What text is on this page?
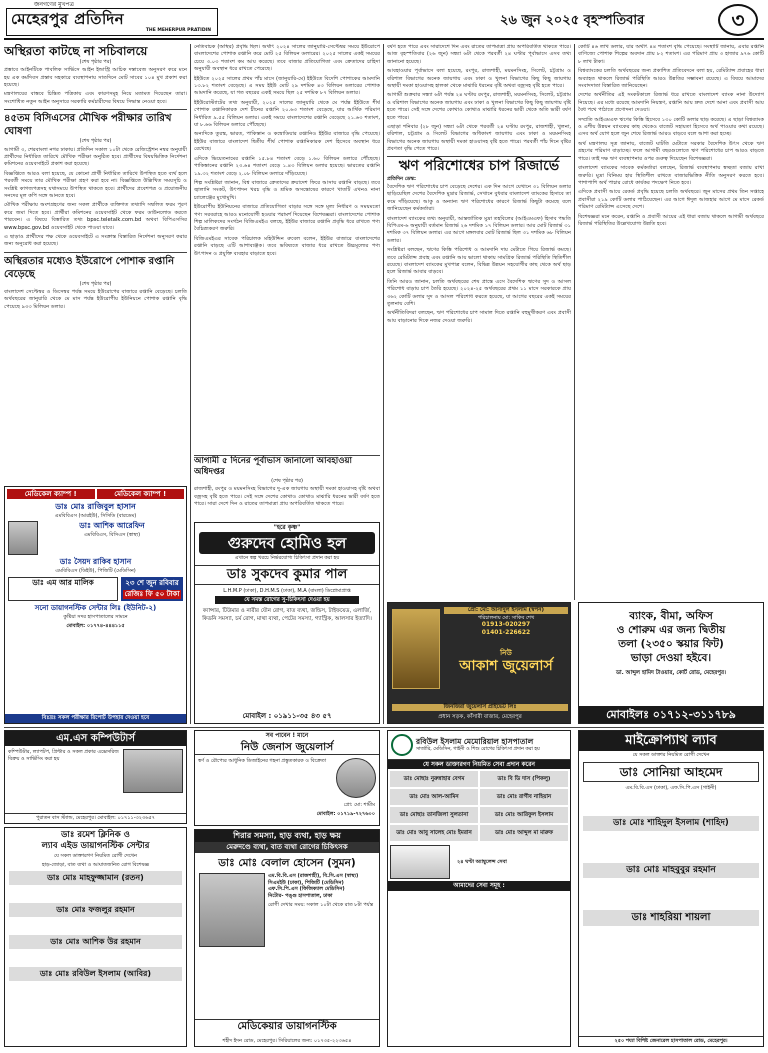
জনগণের মুখপত্র
মেহেরপুর প্রতিদিন
THE MEHERPUR PRATIDIN
২৬ জুন ২০২৫ বৃহস্পতিবার	৩
অস্থিরতা কাটছে না সচিবালয়ে
(শেষ পৃষ্ঠার পর)

প্রস্তাবে আইনটিকে পাবলিক সার্ভিসে আইন ইন্ডাস্ট্রি আচিক দস্তাবেজ অনুসরণ করে মনে হয় এক কর্মদিবস প্রস্তাব সহকারে ব্যবস্থাপনায় সাতদিনে মোট সাবের ১০৪ মুখ প্রকাশ করা হয়েছে।

মন্ত্রণালয়ের বাস্তবে চিন্তিত পত্রিকায় এবং কারণসমূহ নিয়ে মতামত দিয়েছেন তারা। সংশোধিত নতুন আইন অনুসারে সরকারি কর্মচারীদের বিষয়ে সিদ্ধান্ত নেওয়া হবে।

৪৫তম বিসিএসের মৌখিক পরীক্ষার তারিখ ঘোষণা
(শেষ পৃষ্ঠার পর)

আগামী ৩, শেরবাংলা নগর ঢাকায়। প্রতিদিন সকাল ১০টা থেকে রেজিস্ট্রেশন নম্বর অনুযায়ী প্রার্থীদের নির্ধারিত তারিখে মৌখিক পরীক্ষা অনুষ্ঠিত হবে। প্রার্থীদের বিষয়ভিত্তিক নির্দেশনা কমিশনের ওয়েবসাইটে প্রকাশ করা হয়েছে।

বিজ্ঞপ্তিতে আরও বলা হয়েছে, যে কোনো প্রার্থী নির্ধারিত তারিখে উপস্থিত হতে ব্যর্থ হলে পরবর্তী সময়ে তার মৌখিক পরীক্ষা গ্রহণ করা হবে না। বিজ্ঞপ্তিতে উল্লিখিত সময়সূচি ও সংশ্লিষ্ট কাগজপত্রসহ যথাসময়ে উপস্থিত থাকতে হবে। প্রার্থীদের প্রবেশপত্র ও প্রয়োজনীয় সনদের মূল কপি সঙ্গে আনতে হবে।

মৌখিক পরীক্ষায় অংশগ্রহণের জন্য সকল প্রার্থীকে ব্যক্তিগত তথ্যাদি সম্বলিত ফরম পূরণ করে জমা দিতে হবে। প্রার্থীরা কমিশনের ওয়েবসাইট থেকে ফরম ডাউনলোড করতে পারবেন। এ বিষয়ে বিস্তারিত তথ্য bpsc.teletalk.com.bd অথবা বিপিএসসির www.bpsc.gov.bd ওয়েবসাইট থেকে পাওয়া যাবে।

এ ছাড়াও প্রার্থীদের পক্ষ থেকে ওয়েবসাইটে এ সংক্রান্ত বিস্তারিত নির্দেশনা অনুসরণ করার জন্য অনুরোধ করা হয়েছে।

অস্থিরতার মধ্যেও ইউরোপে পোশাক রপ্তানি বেড়েছে
(শেষ পৃষ্ঠার পর)

বাংলাদেশ সেপ্টেম্বর ও ডিসেম্বর পর্যন্ত সময়ে ইউরোপের বাজারে রপ্তানি বেড়েছে। চলতি অর্থবছরের জানুয়ারি থেকে মে মাস পর্যন্ত ইউরোপীয় ইউনিয়নে পোশাক রপ্তানি বৃদ্ধি পেয়েছে ৯৩৩ মিলিয়ন ডলার।

নেতিবাচক (অস্থির) প্রবৃদ্ধি ছিল। অর্থাৎ ২০২৪ সালের জানুয়ারি-সেপ্টেম্বর সময়ে ইউরোপে বাংলাদেশের পোশাক রপ্তানি করে মোট ২৫ বিলিয়ন ডলারের। ২০২৫ সালের একই সময়ের চেয়ে ৩.০৩ শতাংশ কম আয় করেছে। তবে বাজার প্রতিযোগিতা এবং ক্রেতাদের চাহিদা অনুযায়ী অবস্থান ধরে রাখতে পেরেছে।

ইইউতে ২০২৫ সালের প্রথম পাঁচ মাসে (জানুয়ারি-মে) ইইউতে বিদেশি পোশাকের আমদানি ১৩.৮২ শতাংশ বেড়েছে। এ সময় ইইউ মোট ২৯ দশমিক ৪৩ বিলিয়ন ডলারের পোশাক আমদানি করেছে, যা গত বছরের একই সময়ে ছিল ২৫ দশমিক ৮৭ বিলিয়ন ডলার।

ইইউরোস্ট্যাটের তথ্য অনুযায়ী, ২০২৫ সালের জানুয়ারি থেকে মে পর্যন্ত ইইউতে শীর্ষ পোশাক রপ্তানিকারক দেশ চীনের রপ্তানি ২০.৬৩ শতাংশ বেড়েছে, যার আর্থিক পরিমাণ নির্ধারিত ৯.৫৫ বিলিয়ন ডলার। একই সময়ে বাংলাদেশের রপ্তানি বেড়েছে ২১.৬৩ শতাংশ, যা ৮.৬৬ বিলিয়ন ডলারে পৌঁছেছে।

অন্যদিকে তুরস্ক, ভারত, পাকিস্তান ও কম্বোডিয়ার রপ্তানিও ইইউর বাজারে বৃদ্ধি পেয়েছে। ইইউর বাজারে বাংলাদেশ দ্বিতীয় শীর্ষ পোশাক রপ্তানিকারক দেশ হিসেবে অবস্থান ধরে রেখেছে।

এদিকে ভিয়েতনামের রপ্তানি ১৫.৮৪ শতাংশ বেড়ে ১.৬০ বিলিয়ন ডলারে পৌঁছেছে। পাকিস্তানের রপ্তানি ২৩.৬৪ শতাংশ বেড়ে ১.৪৩ বিলিয়ন ডলার হয়েছে। ভারতের রপ্তানি ১৯.৩২ শতাংশ বেড়ে ২.০৮ বিলিয়ন ডলারে দাঁড়িয়েছে।

শিল্প সংশ্লিষ্টরা জানান, বিশ্ব বাজারে ক্রেতাদের ক্রয়াদেশ ফিরে আসায় রপ্তানি বাড়ছে। তবে জ্বালানি সংকট, উৎপাদন খরচ বৃদ্ধি ও শ্রমিক অসন্তোষের কারণে খাতটি এখনও নানা চ্যালেঞ্জের মুখোমুখি।

ইউরোপীয় ইউনিয়নের বাজারে প্রতিযোগিতা বাড়ার সঙ্গে সঙ্গে মূল্য নির্ধারণ ও সময়মতো পণ্য সরবরাহে আরও মনোযোগী হওয়ার পরামর্শ দিয়েছেন বিশেষজ্ঞরা। বাংলাদেশের পোশাক শিল্প মালিকদের সংগঠন বিজিএমইএ বলছে, ইইউর বাজারে রপ্তানি প্রবৃদ্ধি ধরে রাখতে পণ্য বৈচিত্র্যকরণ জরুরি।

বিজিএমইএর সাবেক পরিচালক মহিউদ্দিন রুবেল বলেন, ইইউর বাজারে বাংলাদেশের রপ্তানি বাড়ছে এটি আশাব্যঞ্জক। তবে ভবিষ্যতে বাজার ধরে রাখতে উচ্চমূল্যের পণ্য উৎপাদন ও প্রযুক্তি ব্যবহার বাড়াতে হবে।

আগামী ৫ দিনের পূর্বাভাস জানালো আবহাওয়া অধিদপ্তর
(শেষ পৃষ্ঠার পর)

রাজশাহী, রংপুর ও ময়মনসিংহ বিভাগের দু-এক জায়গায় অস্থায়ী দমকা হাওয়াসহ বৃষ্টি অথবা বজ্রসহ বৃষ্টি হতে পারে। সেই সঙ্গে দেশের কোথাও কোথাও মাঝারি ধরনের ভারী বর্ষণ হতে পারে। সারা দেশে দিন ও রাতের তাপমাত্রা প্রায় অপরিবর্তিত থাকতে পারে।

বর্ষণ হতে পারে এবং সারাদেশে দিন এবং রাতের তাপমাত্রা প্রায় অপরিবর্তিত থাকতে পারে। আজ বৃহস্পতিবার (২৬ জুন) সন্ধ্যা ৬টা থেকে পরবর্তী ২৪ ঘণ্টার পূর্বাভাসে এসব তথ্য জানানো হয়েছে।

আবহাওয়ার পূর্বাভাসে বলা হয়েছে, রংপুর, রাজশাহী, ময়মনসিংহ, সিলেট, চট্টগ্রাম ও বরিশাল বিভাগের অনেক জায়গায় এবং ঢাকা ও খুলনা বিভাগের কিছু কিছু জায়গায় অস্থায়ী দমকা হাওয়াসহ হালকা থেকে মাঝারি ধরনের বৃষ্টি অথবা বজ্রসহ বৃষ্টি হতে পারে।

আগামী শুক্রবার সন্ধ্যা ৬টা পর্যন্ত ২৪ ঘণ্টায় রংপুর, রাজশাহী, ময়মনসিংহ, সিলেট, চট্টগ্রাম ও বরিশাল বিভাগের অনেক জায়গায় এবং ঢাকা ও খুলনা বিভাগের কিছু কিছু জায়গায় বৃষ্টি হতে পারে। সেই সঙ্গে দেশের কোথাও কোথাও মাঝারি ধরনের ভারী থেকে অতি ভারী বর্ষণ হতে পারে।

এছাড়া শনিবার (২৮ জুন) সন্ধ্যা ৬টা থেকে পরবর্তী ২৪ ঘণ্টায় রংপুর, রাজশাহী, খুলনা, বরিশাল, চট্টগ্রাম ও সিলেট বিভাগের অধিকাংশ জায়গায় এবং ঢাকা ও ময়মনসিংহ বিভাগের অনেক জায়গায় অস্থায়ী দমকা হাওয়াসহ বৃষ্টি হতে পারে। পরবর্তী পাঁচ দিনে বৃষ্টির প্রবণতা বৃদ্ধি পেতে পারে।

ঋণ পরিশোধের চাপ রিজার্ভে
প্রতিদিন ডেস্ক:

বৈদেশিক ঋণ পরিশোধের চাপ বেড়েছে দেশের। এক দিন আগে যেখানে ৩১ বিলিয়ন ডলার ছাড়িয়েছিল দেশের বৈদেশিক মুদ্রার রিজার্ভ, সেখানে বুধবার বাংলাদেশ ব্যাংকের হিসাবে তা কমে দাঁড়িয়েছে। আকু ও অন্যান্য ঋণ পরিশোধের কারণে রিজার্ভ কিছুটা কমেছে বলে জানিয়েছেন কর্মকর্তারা।

বাংলাদেশ ব্যাংকের তথ্য অনুযায়ী, আন্তর্জাতিক মুদ্রা তহবিলের (আইএমএফ) হিসাব পদ্ধতি বিপিএম-৬ অনুযায়ী বর্তমান রিজার্ভ ২৬ দশমিক ১৭ বিলিয়ন ডলার। আর মোট রিজার্ভ ৩১ দশমিক ৩৭ বিলিয়ন ডলার। এর আগে মঙ্গলবার মোট রিজার্ভ ছিল ৩১ দশমিক ৬৮ বিলিয়ন ডলার।

সংশ্লিষ্টরা বলছেন, ঋণের কিস্তি পরিশোধ ও আমদানি দায় মেটাতে গিয়ে রিজার্ভ কমছে। তবে রেমিট্যান্স প্রবাহ এবং রপ্তানি আয় ভালো থাকায় সামগ্রিক রিজার্ভ পরিস্থিতি স্থিতিশীল রয়েছে। বাংলাদেশ ব্যাংকের মুখপাত্র বলেন, বিভিন্ন উন্নয়ন সহযোগীর কাছ থেকে অর্থ ছাড় হলে রিজার্ভ আবার বাড়বে।

তিনি আরও জানান, চলতি অর্থবছরের শেষ প্রান্তে এসে বৈদেশিক ঋণের সুদ ও আসল পরিশোধ বাড়ায় চাপ তৈরি হয়েছে। ২০২৪-২৫ অর্থবছরের প্রথম ১১ মাসে সরকারকে প্রায় ৩৬২ কোটি ডলার সুদ ও আসল পরিশোধ করতে হয়েছে, যা আগের বছরের একই সময়ের তুলনায় বেশি।

অর্থনীতিবিদরা বলছেন, ঋণ পরিশোধের চাপ সামাল দিতে রপ্তানি বহুমুখীকরণ এবং প্রবাসী আয় বাড়ানোর দিকে নজর দেওয়া জরুরি।

কোটি ৪৬ লাখ ডলার, যার অর্থাৎ ৪৪ শতাংশ বৃদ্ধি পেয়েছে। সংস্থাটি জানায়, এবার রপ্তানি বাণিজ্যে পোশাক শিল্পের অবদান প্রায় ৮২ শতাংশ। এর পরিমাণ প্রায় ৩ হাজার ৯৭৬ কোটি ৮ লাখ টাকা।

বিশ্বব্যাংকের চলতি অর্থবছরের জন্য প্রকাশিত প্রতিবেদনে বলা হয়, রেমিট্যান্স প্রবাহের ধারা অব্যাহত থাকলে রিজার্ভ পরিস্থিতি আরও উন্নতির সম্ভাবনা রয়েছে। এ বিষয়ে আমাদের সংবাদদাতা বিস্তারিত জানিয়েছেন।

দেশের অর্থনীতির এই সংকটকালে রিজার্ভ ধরে রাখতে বাংলাদেশ ব্যাংক নানা উদ্যোগ নিয়েছে। এর মধ্যে রয়েছে আমদানি নিয়ন্ত্রণ, রপ্তানি আয় দ্রুত দেশে আনা এবং প্রবাসী আয় বৈধ পথে পাঠাতে প্রণোদনা দেওয়া।

সম্প্রতি আইএমএফ ঋণের কিস্তি হিসেবে ১৩০ কোটি ডলার ছাড় করেছে। এ ছাড়া বিশ্বব্যাংক ও এশীয় উন্নয়ন ব্যাংকের কাছ থেকেও বাজেট সহায়তা হিসেবে অর্থ পাওয়ার কথা রয়েছে। এসব অর্থ যোগ হলে জুন শেষে রিজার্ভ আরও বাড়বে বলে আশা করা হচ্ছে।

অর্থ মন্ত্রণালয় সূত্র জানায়, বাজেট ঘাটতি মেটাতে সরকার বৈদেশিক উৎস থেকে ঋণ গ্রহণের পরিমাণ বাড়াচ্ছে। ফলে আগামী বছরগুলোতে ঋণ পরিশোধের চাপ আরও বাড়তে পারে। তাই দক্ষ ঋণ ব্যবস্থাপনার ওপর গুরুত্ব দিয়েছেন বিশেষজ্ঞরা।

বাংলাদেশ ব্যাংকের সাবেক কর্মকর্তারা বলছেন, রিজার্ভ ব্যবস্থাপনায় স্বচ্ছতা বজায় রাখা জরুরি। মুদ্রা বিনিময় হার স্থিতিশীল রাখতে বাজারভিত্তিক নীতি অনুসরণ করতে হবে। পাশাপাশি অর্থ পাচার রোধে কার্যকর পদক্ষেপ নিতে হবে।

এদিকে প্রবাসী আয়ে রেকর্ড প্রবৃদ্ধি হয়েছে চলতি অর্থবছরে। জুন মাসের প্রথম তিন সপ্তাহে প্রবাসীরা ২১৯ কোটি ডলার পাঠিয়েছেন। এর আগে ঈদুল আজহার আগে মে মাসে রেকর্ড পরিমাণ রেমিট্যান্স এসেছে দেশে।

বিশেষজ্ঞরা মনে করেন, রপ্তানি ও প্রবাসী আয়ের এই ধারা বজায় থাকলে আগামী অর্থবছরে রিজার্ভ পরিস্থিতির উল্লেখযোগ্য উন্নতি হবে।

মেডিকেল ক্যাম্প !	মেডিকেল ক্যাম্প !
ডাঃ মোঃ রাজিবুল হাসান
এমবিবিএস (আরইউ), সিসিডি (বারডেম)
ডাঃ আশিক আরেফিন
এমবিবিএস, বিসিএস (স্বাস্থ্য)
ডাঃ সৈয়দ রাকিব হাসান
এমবিবিএস (ডিইউ), পিজিটি (মেডিসিন)
ডাঃ এম আর মালিক	২৩ শে জুন রবিবার
রেজিঃ ফি ৫০ টাকা
সনো ডায়াগনস্টিক সেন্টার লিঃ (ইউনিট-২)
কুষ্টিয়া সদর হাসপাতালের সামনে
মোবাইল: ০১৭৭৪-৪৪৪১১৫
বিঃদ্রঃ সকল পরীক্ষার রিপোর্ট উপহার দেওয়া হবে
"হরে কৃষ্ণ"
গুরুদেব হোমিও হল
এখানে স্বল্প খরচে নির্ভরযোগ্য চিকিৎসা প্রদান করা হয়
ডাঃ সুকদেব কুমার পাল
L.H.M.P (ঢাকা), D.H.M.S (ঢাকা), M.A (বাংলা) ডিপ্লোমাপ্রাপ্ত
যে সমস্ত রোগের সু-চিকিৎসা দেওয়া হয়
ক্যান্সার, টিউমার ও নারীর যৌন রোগ, বাত ব্যথা, জন্ডিস, টাইফয়েড, এলার্জি, কিডনি সমস্যা, চর্ম রোগ, মাথা ব্যথা, পেটের সমস্যা, গ্যাস্ট্রিক, আলসার ইত্যাদি।
মোবাইল : ০১৯১১-৩৫ ৪৩ ৫৭
প্রো: মো: আসাদুল ইসলাম (স্বপন)
পরিচালনায় মো: সাকিব শেখ
01913-020297
01401-226622
নিউ
আকাশ জুয়েলার্স
জিনজিরা জুয়েলার্স প্রাইভেট লিঃ
প্রধান সড়ক, কাঁসারী বাজার, মেহেরপুর
ব্যাংক, বীমা, অফিস
ও শোরুম এর জন্য দ্বিতীয়
তলা (২৩৫০ স্কয়ার ফিট)
ভাড়া দেওয়া হইবে।
ডা. আব্দুল হামিদ টাওয়ার, কোর্ট রোড, মেহেরপুর।
মোবাইলঃ ০১৭১২-৩১১৭৮৯
এম.এস কম্পিউটার্স
কম্পিউটার, ল্যাপটপ, প্রিন্টার ও সকল প্রকার এক্সেসরিজ বিক্রয় ও সার্ভিসিং করা হয়
পুরাতন বাস স্ট্যান্ড, মেহেরপুর। মোবাইল: ০১৭১১-৩২৩৬৫৭
ডাঃ রমেশ ক্লিনিক ও
ল্যাব এইড ডায়াগনস্টিক সেন্টার
যে সকল ডাক্তারগণ নিয়মিত রোগী দেখেন
হাড়-জোড়া, বাত ব্যথা ও আঘাতজনিত রোগ বিশেষজ্ঞ
ডাঃ মোঃ মাহফুজ্জামান (রতন)
ডাঃ মোঃ ফজলুর রহমান
ডাঃ মোঃ আশিক উর রহমান
ডাঃ মোঃ রবিউল ইসলাম (আবির)
সব পাবেন ! মানে
নিউ জেনাস জুয়েলার্স
স্বর্ণ ও রৌপ্যের আধুনিক ডিজাইনের গহনা প্রস্তুতকারক ও বিক্রেতা
প্রো: মো: শামীম
মোবাইল: ০১৭১৯-৭২৭৬০০
শিরার সমস্যা, হাড় ব্যথা, হাড় ক্ষয়
মেরুদণ্ডে ব্যথা, বাত ব্যথা রোগের চিকিৎসক
ডাঃ মোঃ বেলাল হোসেন (সুমন)
এম.বি.বি.এস (রাজশাহী), বি.সি.এস (স্বাস্থ্য)
সিএমইউ (ঢাকা), পিজিটি (মেডিসিন)
এফ.সি.পি.এস (ফিজিক্যাল মেডিসিন)
নিটোর- পঙ্গু হাসপাতাল, ঢাকা
রোগী দেখার সময়: সকাল ১০টা থেকে রাত ৮টা পর্যন্ত
মেডিকেয়ার ডায়াগনস্টিক
শহীদ ইদন রোড, মেহেরপুর। সিরিয়ালের জন্য: ০১৭৩৫-২২৩৬৫৪
রবিউল ইসলাম মেমোরিয়াল হাসপাতাল
সার্জারি, মেডিসিন, গাইনী ও শিশু রোগের চিকিৎসা প্রদান করা হয়
যে সকল ডাক্তারগণ নিয়মিত সেবা প্রদান করেন
ডাঃ মোছাঃ নুরুন্নাহার বেগম	ডাঃ বি ডি দাস (পিকলু)
ডাঃ মোঃ আল-আমিন	ডাঃ মোঃ রাগীব নাহিয়ান
ডাঃ মোছাঃ তানজিলা সুলতানা	ডাঃ মোঃ আরিফুল ইসলাম
ডাঃ মোঃ আবু সালেহ মোঃ ইমরান	ডাঃ মোঃ আব্দুল মা মারুফ
২৪ ঘণ্টা অ্যাম্বুলেন্স সেবা
আমাদের সেবা সমূহ :
মাইক্রোপ্যাথ ল্যাব
যে সকল ডাক্তার নিয়মিত রোগী দেখেন
ডাঃ সোনিয়া আহমেদ
এম.বি.বি.এস (ঢাকা), এফ.সি.পি.এস (গাইনী)
ডাঃ মোঃ শাহিদুল ইসলাম (শাহিদ)
ডাঃ মোঃ মাহবুবুর রহমান
ডাঃ শাহরিয়া শায়লা
২৫০ শয্যা বিশিষ্ট জেনারেল হাসপাতাল রোড, মেহেরপুর।
